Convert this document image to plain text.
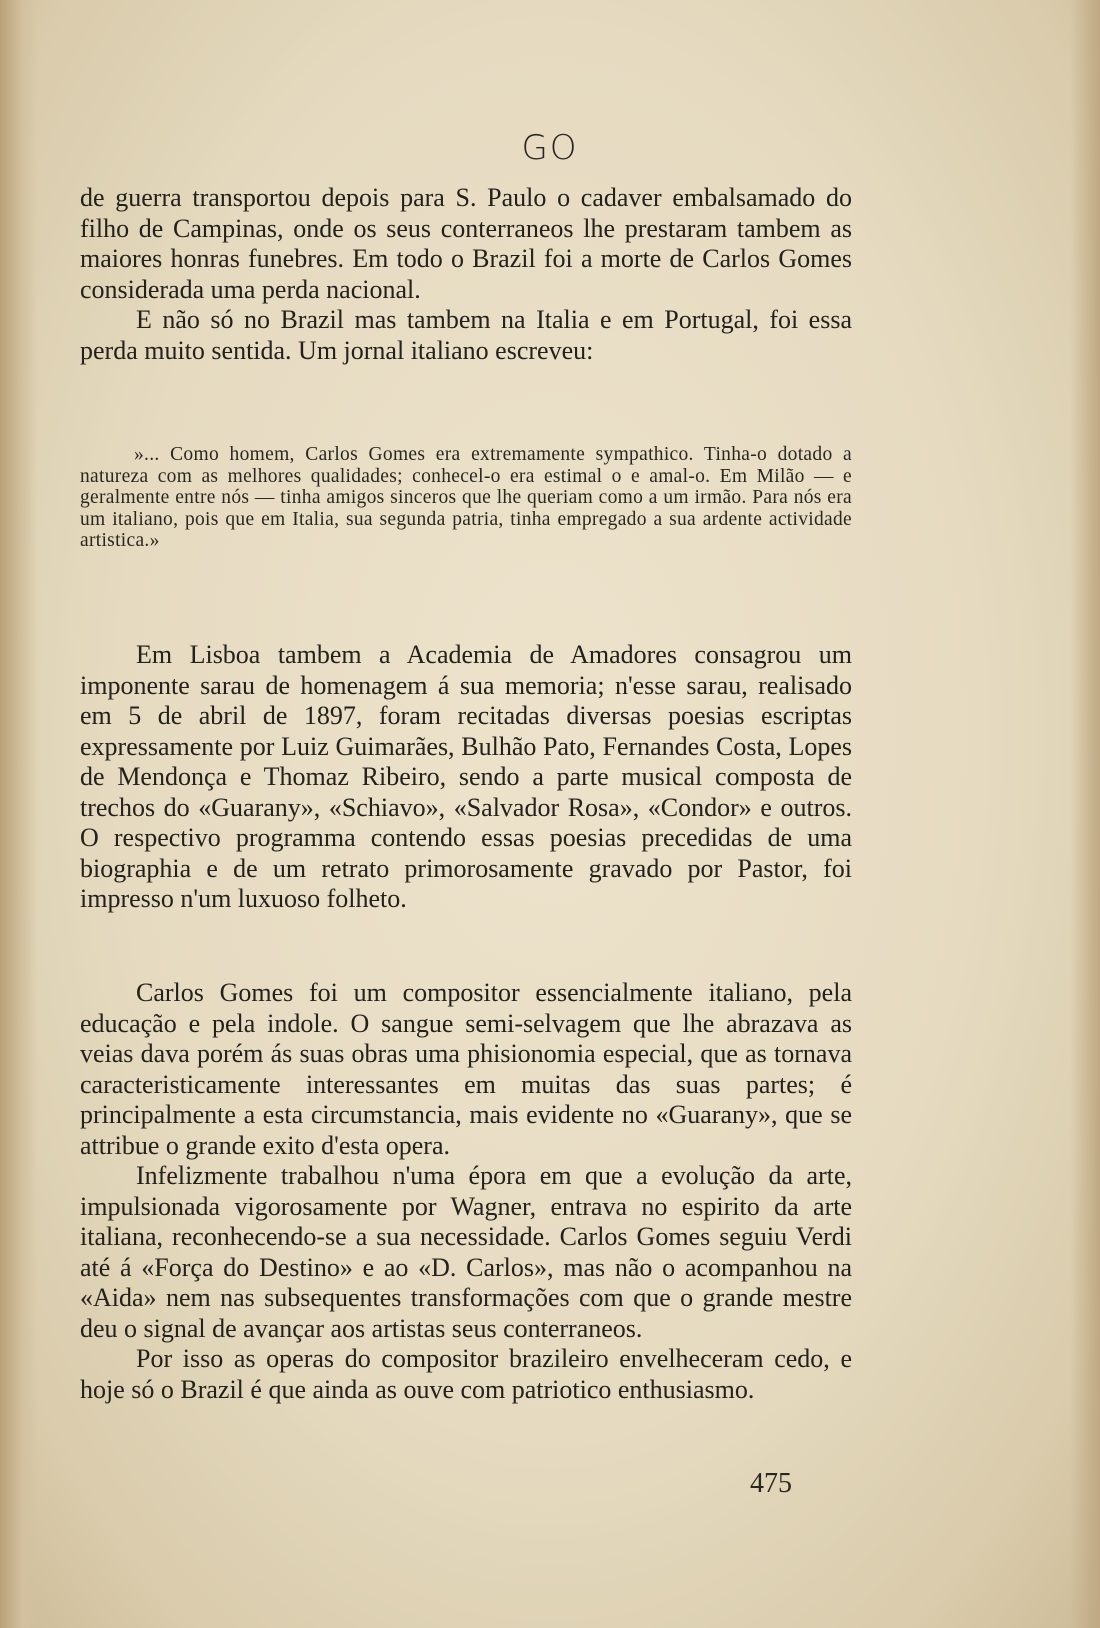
GO

de guerra transportou depois para S. Paulo o cadaver embalsamado do filho de Campinas, onde os seus conterraneos lhe prestaram tambem as maiores honras funebres. Em todo o Brazil foi a morte de Carlos Gomes considerada uma perda nacional.

E não só no Brazil mas tambem na Italia e em Portugal, foi essa perda muito sentida. Um jornal italiano escreveu:

»... Como homem, Carlos Gomes era extremamente sympathico. Tinha-o dotado a natureza com as melhores qualidades; conhecel-o era estimal o e amal-o. Em Milão — e geralmente entre nós — tinha amigos sinceros que lhe queriam como a um irmão. Para nós era um italiano, pois que em Italia, sua segunda patria, tinha empregado a sua ardente actividade artistica.»

Em Lisboa tambem a Academia de Amadores consagrou um imponente sarau de homenagem á sua memoria; n'esse sarau, realisado em 5 de abril de 1897, foram recitadas diversas poesias escriptas expressamente por Luiz Guimarães, Bulhão Pato, Fernandes Costa, Lopes de Mendonça e Thomaz Ribeiro, sendo a parte musical composta de trechos do «Guarany», «Schiavo», «Salvador Rosa», «Condor» e outros. O respectivo programma contendo essas poesias precedidas de uma biographia e de um retrato primorosamente gravado por Pastor, foi impresso n'um luxuoso folheto.

Carlos Gomes foi um compositor essencialmente italiano, pela educação e pela indole. O sangue semi-selvagem que lhe abrazava as veias dava porém ás suas obras uma phisionomia especial, que as tornava caracteristicamente interessantes em muitas das suas partes; é principalmente a esta circumstancia, mais evidente no «Guarany», que se attribue o grande exito d'esta opera.

Infelizmente trabalhou n'uma épora em que a evolução da arte, impulsionada vigorosamente por Wagner, entrava no espirito da arte italiana, reconhecendo-se a sua necessidade. Carlos Gomes seguiu Verdi até á «Força do Destino» e ao «D. Carlos», mas não o acompanhou na «Aida» nem nas subsequentes transformações com que o grande mestre deu o signal de avançar aos artistas seus conterraneos.

Por isso as operas do compositor brazileiro envelheceram cedo, e hoje só o Brazil é que ainda as ouve com patriotico enthusiasmo.

475
